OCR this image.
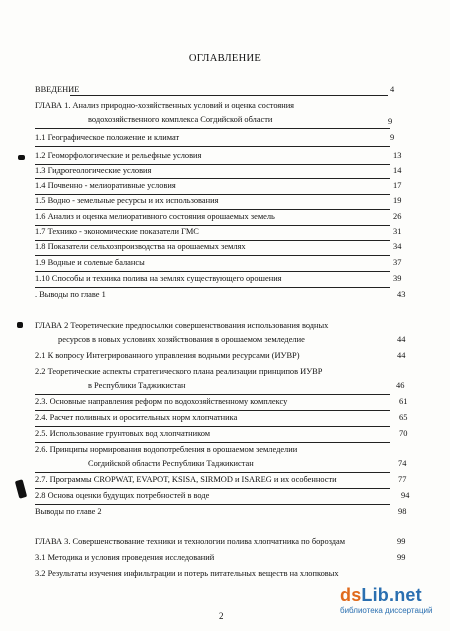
ОГЛАВЛЕНИЕ
ВВЕДЕНИЕ	4
ГЛАВА 1. Анализ природно-хозяйственных условий и оценка состояния
водохозяйственного комплекса Согдийской области	9
1.1 Географическое положение и климат	9
1.2 Геоморфологические и рельефные условия	13
1.3 Гидрогеологические условия	14
1.4 Почвенно - мелиоративные условия	17
1.5 Водно - земельные ресурсы и их использования	19
1.6 Анализ и оценка мелиоративного состояния орошаемых земель	26
1.7 Технико - экономические показатели ГМС	31
1.8 Показатели сельхозпроизводства на орошаемых землях	34
1.9 Водные и солевые балансы	37
1.10 Способы и техника полива на землях существующего орошения	39
. Выводы по главе 1	43
ГЛАВА 2 Теоретические предпосылки совершенствования использования водных
ресурсов в новых условиях хозяйствования в орошаемом земледелие	44
2.1 К вопросу Интегрированного управления водными ресурсами (ИУВР)	44
2.2 Теоретические аспекты стратегического плана реализации принципов ИУВР
в Республики Таджикистан	46
2.3. Основные направления реформ по водохозяйственному комплексу	61
2.4. Расчет поливных и оросительных норм хлопчатника	65
2.5. Использование грунтовых вод хлопчатником	70
2.6. Принципы нормирования водопотребления в орошаемом земледелии
Согдийской области Республики Таджикистан	74
2.7. Программы CROPWAT, EVAPOT, KSISA, SIRMOD и ISAREG и их особенности	77
2.8 Основа оценки будущих потребностей в воде	94
Выводы по главе 2	98
ГЛАВА 3. Совершенствование техники и технологии полива хлопчатника по бороздам	99
3.1 Методика и условия проведения исследований	99
3.2 Результаты изучения инфильтрации и потерь питательных веществ на хлопковых
2
dsLib.net
библиотека диссертаций
